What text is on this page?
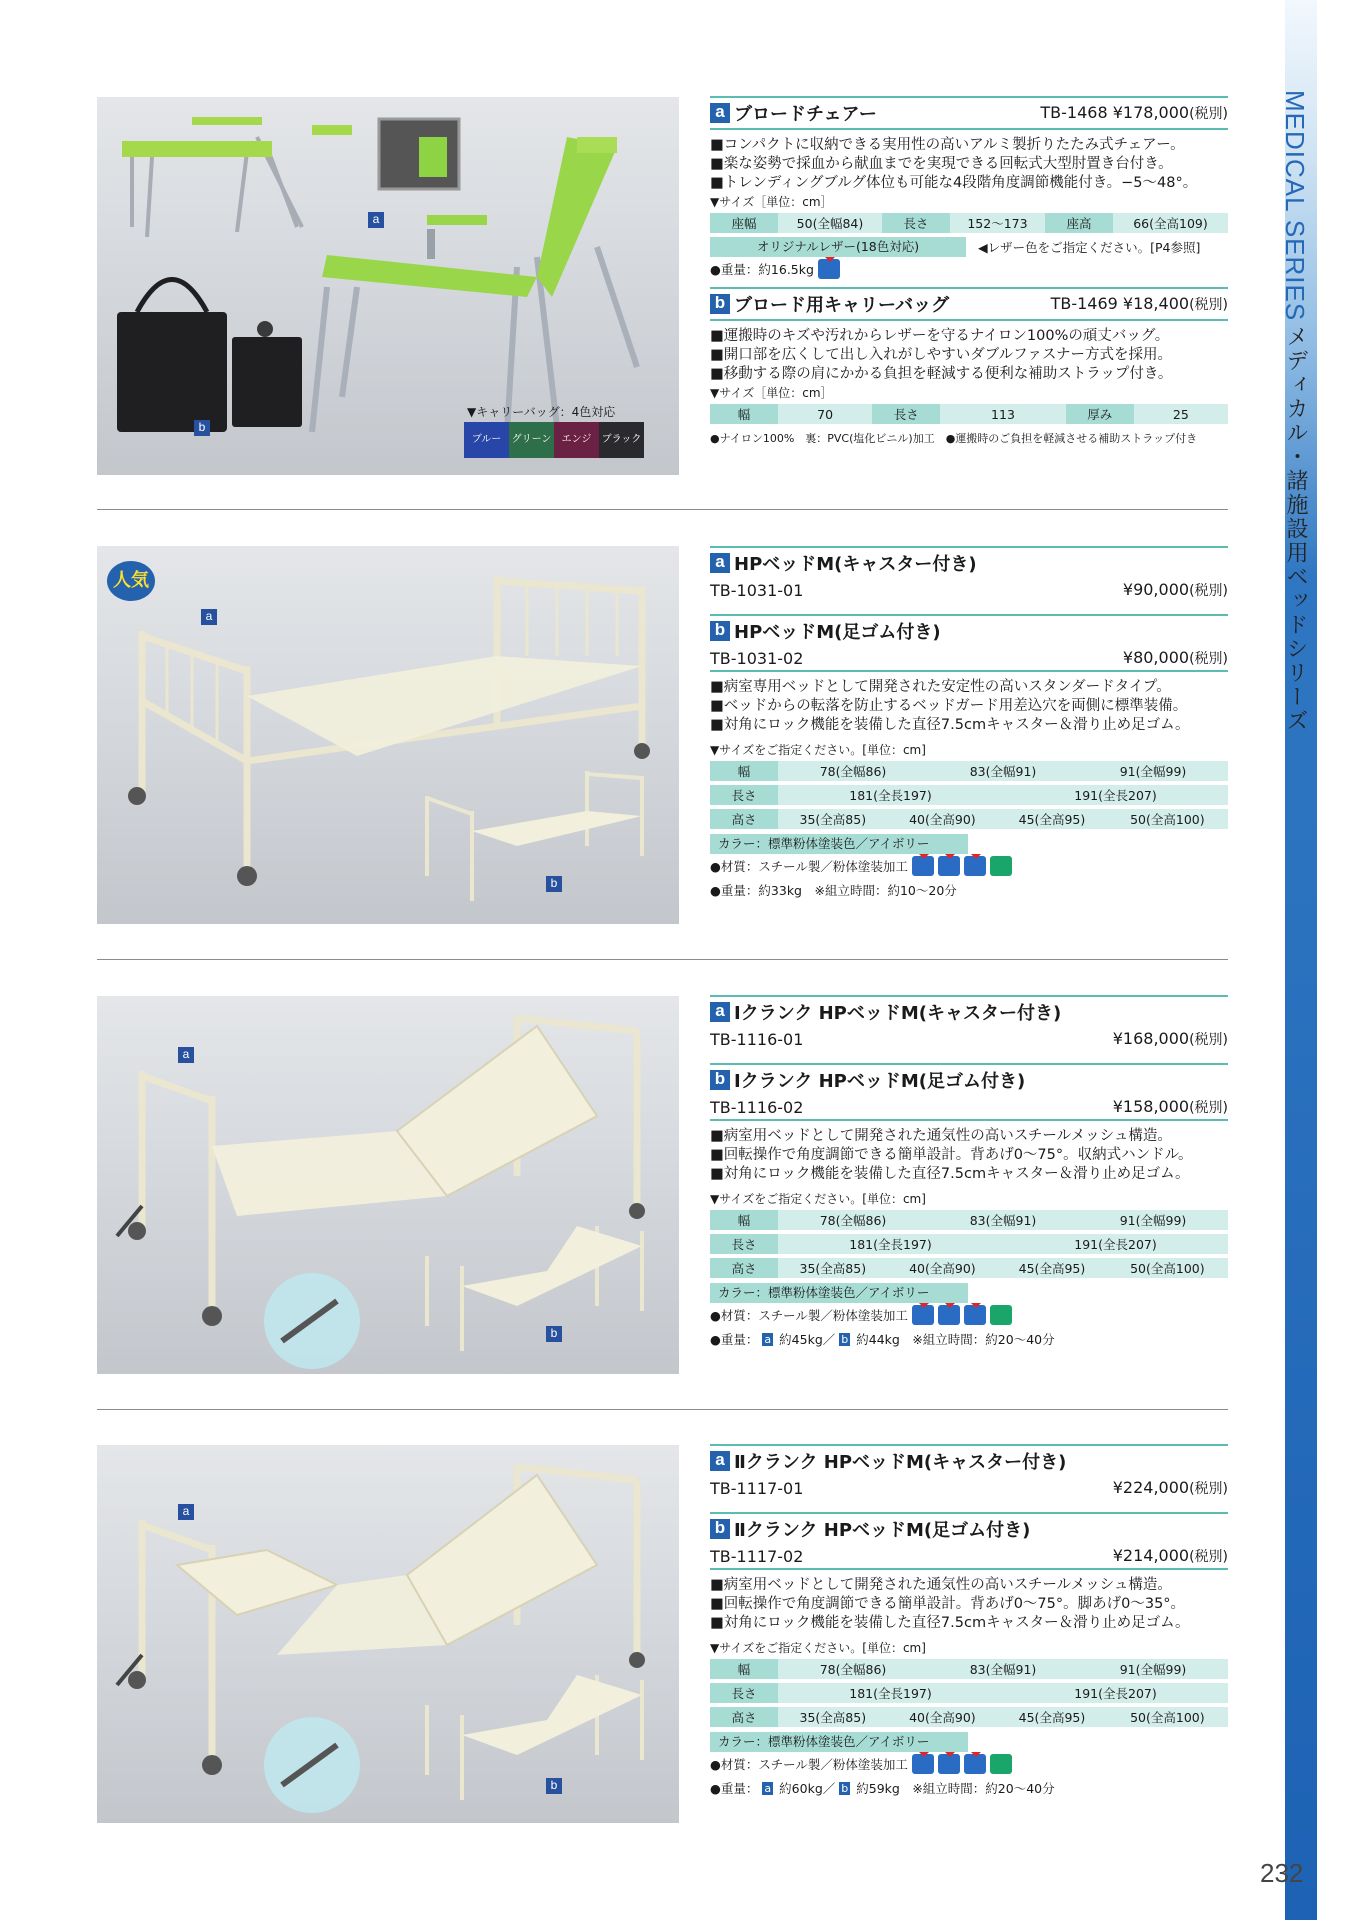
MEDICAL SERIES
メディカル・諸施設用ベッドシリーズ
232
a
b
▼キャリーバッグ：4色対応
ブルー	グリーン	エンジ	ブラック
a ブロードチェアー	TB-1468 ¥178,000(税別)
■コンパクトに収納できる実用性の高いアルミ製折りたたみ式チェアー。
■楽な姿勢で採血から献血までを実現できる回転式大型肘置き台付き。
■トレンディングブルグ体位も可能な4段階角度調節機能付き。−5〜48°。
▼サイズ［単位：cm］
座幅	50(全幅84)	長さ	152〜173	座高	66(全高109)
オリジナルレザー(18色対応)	◀レザー色をご指定ください。[P4参照]
●重量：約16.5kg
b ブロード用キャリーバッグ	TB-1469 ¥18,400(税別)
■運搬時のキズや汚れからレザーを守るナイロン100%の頑丈バッグ。
■開口部を広くして出し入れがしやすいダブルファスナー方式を採用。
■移動する際の肩にかかる負担を軽減する便利な補助ストラップ付き。
▼サイズ［単位：cm］
幅	70	長さ	113	厚み	25
●ナイロン100%　裏：PVC(塩化ビニル)加工　●運搬時のご負担を軽減させる補助ストラップ付き
人気
a
b
a HPベッドM(キャスター付き)
TB-1031-01	¥90,000(税別)
b HPベッドM(足ゴム付き)
TB-1031-02	¥80,000(税別)
■病室専用ベッドとして開発された安定性の高いスタンダードタイプ。
■ベッドからの転落を防止するベッドガード用差込穴を両側に標準装備。
■対角にロック機能を装備した直径7.5cmキャスター＆滑り止め足ゴム。
▼サイズをご指定ください。[単位：cm]
幅	78(全幅86)	83(全幅91)	91(全幅99)
長さ	181(全長197)	191(全長207)
高さ	35(全高85)	40(全高90)	45(全高95)	50(全高100)
カラー：標準粉体塗装色／アイボリー
●材質：スチール製／粉体塗装加工
●重量：約33kg　※組立時間：約10〜20分
a
b
a Ⅰクランク HPベッドM(キャスター付き)
TB-1116-01	¥168,000(税別)
b Ⅰクランク HPベッドM(足ゴム付き)
TB-1116-02	¥158,000(税別)
■病室用ベッドとして開発された通気性の高いスチールメッシュ構造。
■回転操作で角度調節できる簡単設計。背あげ0〜75°。収納式ハンドル。
■対角にロック機能を装備した直径7.5cmキャスター＆滑り止め足ゴム。
▼サイズをご指定ください。[単位：cm]
幅	78(全幅86)	83(全幅91)	91(全幅99)
長さ	181(全長197)	191(全長207)
高さ	35(全高85)	40(全高90)	45(全高95)	50(全高100)
カラー：標準粉体塗装色／アイボリー
●材質：スチール製／粉体塗装加工
●重量： a 約45kg／ b 約44kg　※組立時間：約20〜40分
a
b
a Ⅱクランク HPベッドM(キャスター付き)
TB-1117-01	¥224,000(税別)
b Ⅱクランク HPベッドM(足ゴム付き)
TB-1117-02	¥214,000(税別)
■病室用ベッドとして開発された通気性の高いスチールメッシュ構造。
■回転操作で角度調節できる簡単設計。背あげ0〜75°。脚あげ0〜35°。
■対角にロック機能を装備した直径7.5cmキャスター＆滑り止め足ゴム。
▼サイズをご指定ください。[単位：cm]
幅	78(全幅86)	83(全幅91)	91(全幅99)
長さ	181(全長197)	191(全長207)
高さ	35(全高85)	40(全高90)	45(全高95)	50(全高100)
カラー：標準粉体塗装色／アイボリー
●材質：スチール製／粉体塗装加工
●重量： a 約60kg／ b 約59kg　※組立時間：約20〜40分
